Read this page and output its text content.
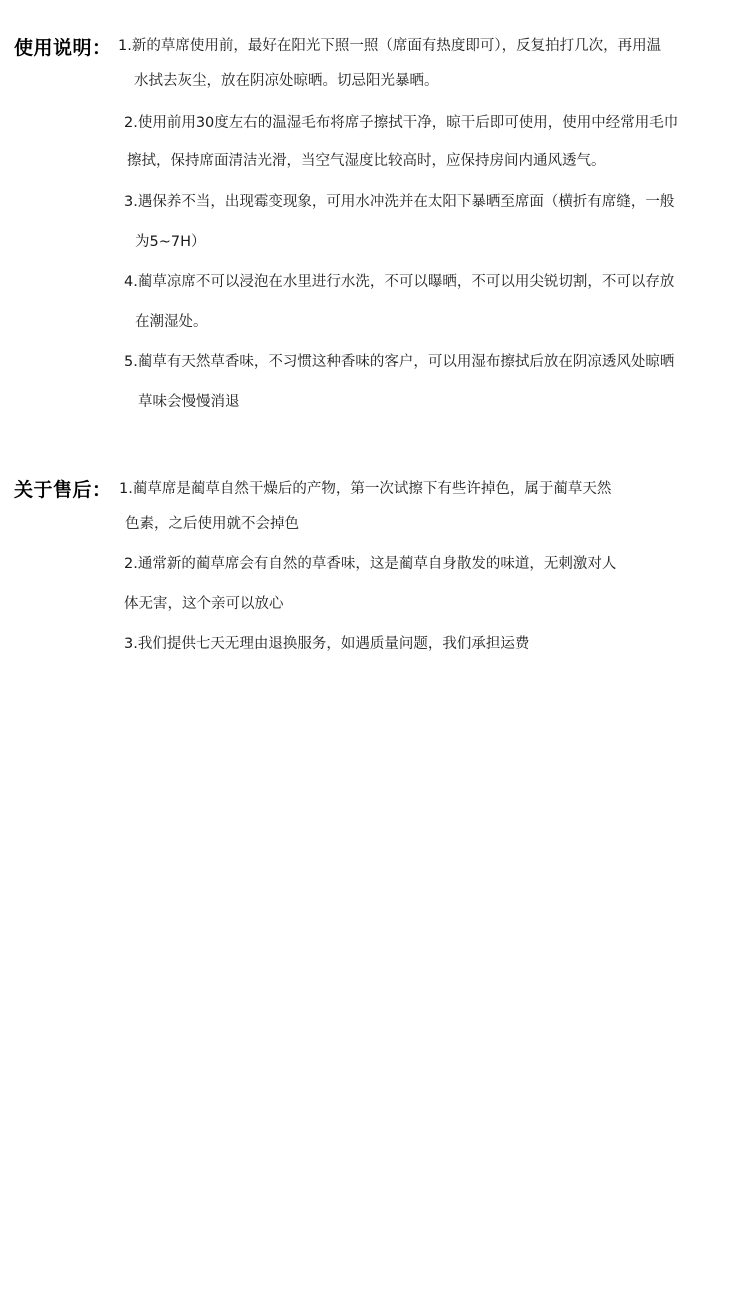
使用说明： 1.新的草席使用前，最好在阳光下照一照（席面有热度即可），反复拍打几次，再用温
水拭去灰尘，放在阴凉处晾晒。切忌阳光暴晒。
2.使用前用30度左右的温湿毛布将席子擦拭干净，晾干后即可使用，使用中经常用毛巾
擦拭，保持席面清洁光滑，当空气湿度比较高时，应保持房间内通风透气。
3.遇保养不当，出现霉变现象，可用水冲洗并在太阳下暴晒至席面（横折有席缝，一般
为5~7H）
4.蔺草凉席不可以浸泡在水里进行水洗，不可以曝晒，不可以用尖锐切割，不可以存放
在潮湿处。
5.蔺草有天然草香味，不习惯这种香味的客户，可以用湿布擦拭后放在阴凉透风处晾晒
草味会慢慢消退
关于售后： 1.蔺草席是蔺草自然干燥后的产物，第一次试擦下有些许掉色，属于蔺草天然
色素，之后使用就不会掉色
2.通常新的蔺草席会有自然的草香味，这是蔺草自身散发的味道，无刺激对人
体无害，这个亲可以放心
3.我们提供七天无理由退换服务，如遇质量问题，我们承担运费
